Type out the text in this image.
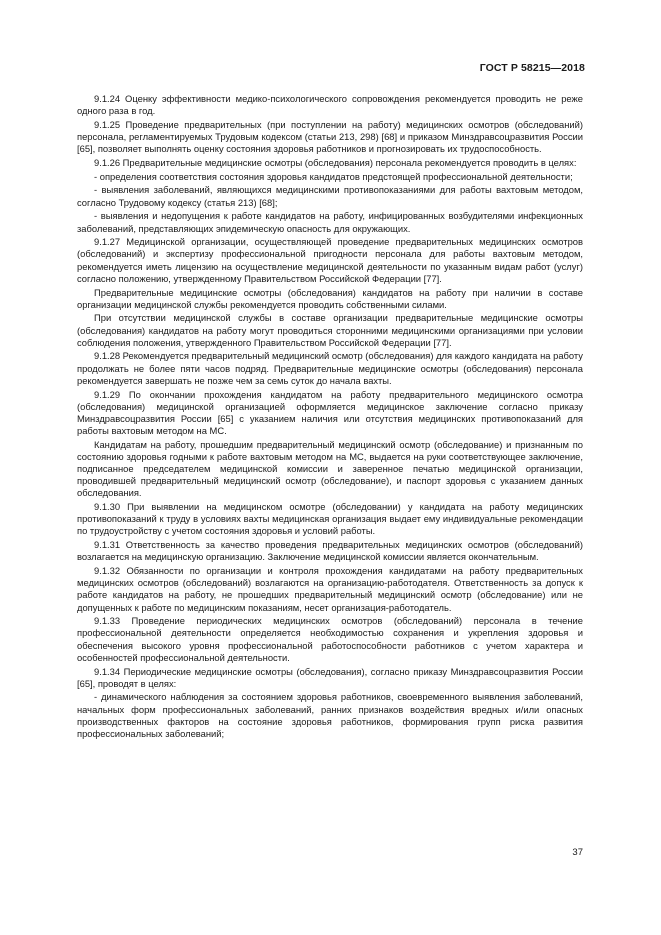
ГОСТ Р 58215—2018

9.1.24 Оценку эффективности медико-психологического сопровождения рекомендуется проводить не реже одного раза в год.

9.1.25 Проведение предварительных (при поступлении на работу) медицинских осмотров (обследований) персонала, регламентируемых Трудовым кодексом (статьи 213, 298) [68] и приказом Минздравсоцразвития России [65], позволяет выполнять оценку состояния здоровья работников и прогнозировать их трудоспособность.

9.1.26 Предварительные медицинские осмотры (обследования) персонала рекомендуется проводить в целях:

- определения соответствия состояния здоровья кандидатов предстоящей профессиональной деятельности;

- выявления заболеваний, являющихся медицинскими противопоказаниями для работы вахтовым методом, согласно Трудовому кодексу (статья 213) [68];

- выявления и недопущения к работе кандидатов на работу, инфицированных возбудителями инфекционных заболеваний, представляющих эпидемическую опасность для окружающих.

9.1.27 Медицинской организации, осуществляющей проведение предварительных медицинских осмотров (обследований) и экспертизу профессиональной пригодности персонала для работы вахтовым методом, рекомендуется иметь лицензию на осуществление медицинской деятельности по указанным видам работ (услуг) согласно положению, утвержденному Правительством Российской Федерации [77].

Предварительные медицинские осмотры (обследования) кандидатов на работу при наличии в составе организации медицинской службы рекомендуется проводить собственными силами.

При отсутствии медицинской службы в составе организации предварительные медицинские осмотры (обследования) кандидатов на работу могут проводиться сторонними медицинскими организациями при условии соблюдения положения, утвержденного Правительством Российской Федерации [77].

9.1.28 Рекомендуется предварительный медицинский осмотр (обследования) для каждого кандидата на работу продолжать не более пяти часов подряд. Предварительные медицинские осмотры (обследования) персонала рекомендуется завершать не позже чем за семь суток до начала вахты.

9.1.29 По окончании прохождения кандидатом на работу предварительного медицинского осмотра (обследования) медицинской организацией оформляется медицинское заключение согласно приказу Минздравсоцразвития России [65] с указанием наличия или отсутствия медицинских противопоказаний для работы вахтовым методом на МС.

Кандидатам на работу, прошедшим предварительный медицинский осмотр (обследование) и признанным по состоянию здоровья годными к работе вахтовым методом на МС, выдается на руки соответствующее заключение, подписанное председателем медицинской комиссии и заверенное печатью медицинской организации, проводившей предварительный медицинский осмотр (обследование), и паспорт здоровья с указанием данных обследования.

9.1.30 При выявлении на медицинском осмотре (обследовании) у кандидата на работу медицинских противопоказаний к труду в условиях вахты медицинская организация выдает ему индивидуальные рекомендации по трудоустройству с учетом состояния здоровья и условий работы.

9.1.31 Ответственность за качество проведения предварительных медицинских осмотров (обследований) возлагается на медицинскую организацию. Заключение медицинской комиссии является окончательным.

9.1.32 Обязанности по организации и контроля прохождения кандидатами на работу предварительных медицинских осмотров (обследований) возлагаются на организацию-работодателя. Ответственность за допуск к работе кандидатов на работу, не прошедших предварительный медицинский осмотр (обследование) или не допущенных к работе по медицинским показаниям, несет организация-работодатель.

9.1.33 Проведение периодических медицинских осмотров (обследований) персонала в течение профессиональной деятельности определяется необходимостью сохранения и укрепления здоровья и обеспечения высокого уровня профессиональной работоспособности работников с учетом характера и особенностей профессиональной деятельности.

9.1.34 Периодические медицинские осмотры (обследования), согласно приказу Минздравсоцразвития России [65], проводят в целях:

- динамического наблюдения за состоянием здоровья работников, своевременного выявления заболеваний, начальных форм профессиональных заболеваний, ранних признаков воздействия вредных и/или опасных производственных факторов на состояние здоровья работников, формирования групп риска развития профессиональных заболеваний;

37
